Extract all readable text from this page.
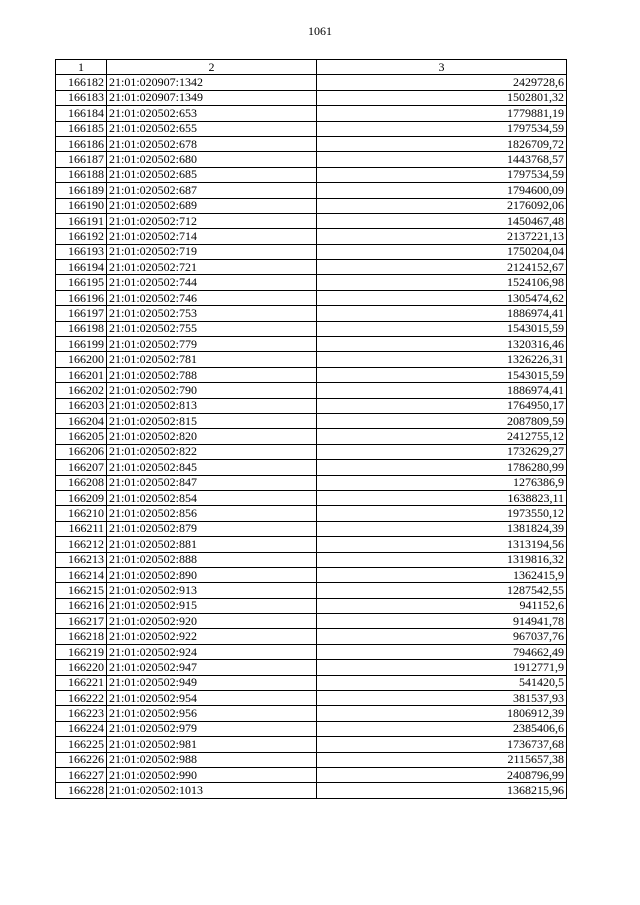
1061
1	2	3
166182	21:01:020907:1342	2429728,6
166183	21:01:020907:1349	1502801,32
166184	21:01:020502:653	1779881,19
166185	21:01:020502:655	1797534,59
166186	21:01:020502:678	1826709,72
166187	21:01:020502:680	1443768,57
166188	21:01:020502:685	1797534,59
166189	21:01:020502:687	1794600,09
166190	21:01:020502:689	2176092,06
166191	21:01:020502:712	1450467,48
166192	21:01:020502:714	2137221,13
166193	21:01:020502:719	1750204,04
166194	21:01:020502:721	2124152,67
166195	21:01:020502:744	1524106,98
166196	21:01:020502:746	1305474,62
166197	21:01:020502:753	1886974,41
166198	21:01:020502:755	1543015,59
166199	21:01:020502:779	1320316,46
166200	21:01:020502:781	1326226,31
166201	21:01:020502:788	1543015,59
166202	21:01:020502:790	1886974,41
166203	21:01:020502:813	1764950,17
166204	21:01:020502:815	2087809,59
166205	21:01:020502:820	2412755,12
166206	21:01:020502:822	1732629,27
166207	21:01:020502:845	1786280,99
166208	21:01:020502:847	1276386,9
166209	21:01:020502:854	1638823,11
166210	21:01:020502:856	1973550,12
166211	21:01:020502:879	1381824,39
166212	21:01:020502:881	1313194,56
166213	21:01:020502:888	1319816,32
166214	21:01:020502:890	1362415,9
166215	21:01:020502:913	1287542,55
166216	21:01:020502:915	941152,6
166217	21:01:020502:920	914941,78
166218	21:01:020502:922	967037,76
166219	21:01:020502:924	794662,49
166220	21:01:020502:947	1912771,9
166221	21:01:020502:949	541420,5
166222	21:01:020502:954	381537,93
166223	21:01:020502:956	1806912,39
166224	21:01:020502:979	2385406,6
166225	21:01:020502:981	1736737,68
166226	21:01:020502:988	2115657,38
166227	21:01:020502:990	2408796,99
166228	21:01:020502:1013	1368215,96
